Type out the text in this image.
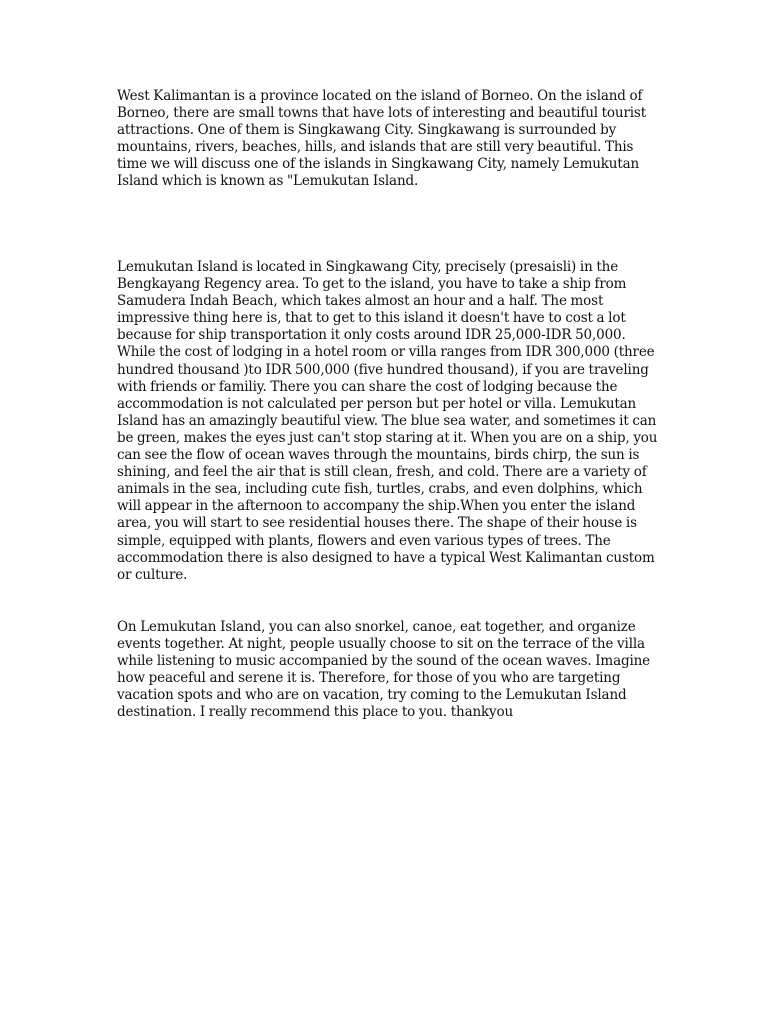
West Kalimantan is a province located on the island of Borneo. On the island of
Borneo, there are small towns that have lots of interesting and beautiful tourist
attractions. One of them is Singkawang City. Singkawang is surrounded by
mountains, rivers, beaches, hills, and islands that are still very beautiful. This
time we will discuss one of the islands in Singkawang City, namely Lemukutan
Island which is known as "Lemukutan Island.

Lemukutan Island is located in Singkawang City, precisely (presaisli) in the
Bengkayang Regency area. To get to the island, you have to take a ship from
Samudera Indah Beach, which takes almost an hour and a half. The most
impressive thing here is, that to get to this island it doesn't have to cost a lot
because for ship transportation it only costs around IDR 25,000-IDR 50,000.
While the cost of lodging in a hotel room or villa ranges from IDR 300,000 (three
hundred thousand )to IDR 500,000 (five hundred thousand), if you are traveling
with friends or familiy. There you can share the cost of lodging because the
accommodation is not calculated per person but per hotel or villa. Lemukutan
Island has an amazingly beautiful view. The blue sea water, and sometimes it can
be green, makes the eyes just can't stop staring at it. When you are on a ship, you
can see the flow of ocean waves through the mountains, birds chirp, the sun is
shining, and feel the air that is still clean, fresh, and cold. There are a variety of
animals in the sea, including cute fish, turtles, crabs, and even dolphins, which
will appear in the afternoon to accompany the ship.When you enter the island
area, you will start to see residential houses there. The shape of their house is
simple, equipped with plants, flowers and even various types of trees. The
accommodation there is also designed to have a typical West Kalimantan custom
or culture.

On Lemukutan Island, you can also snorkel, canoe, eat together, and organize
events together. At night, people usually choose to sit on the terrace of the villa
while listening to music accompanied by the sound of the ocean waves. Imagine
how peaceful and serene it is. Therefore, for those of you who are targeting
vacation spots and who are on vacation, try coming to the Lemukutan Island
destination. I really recommend this place to you. thankyou
